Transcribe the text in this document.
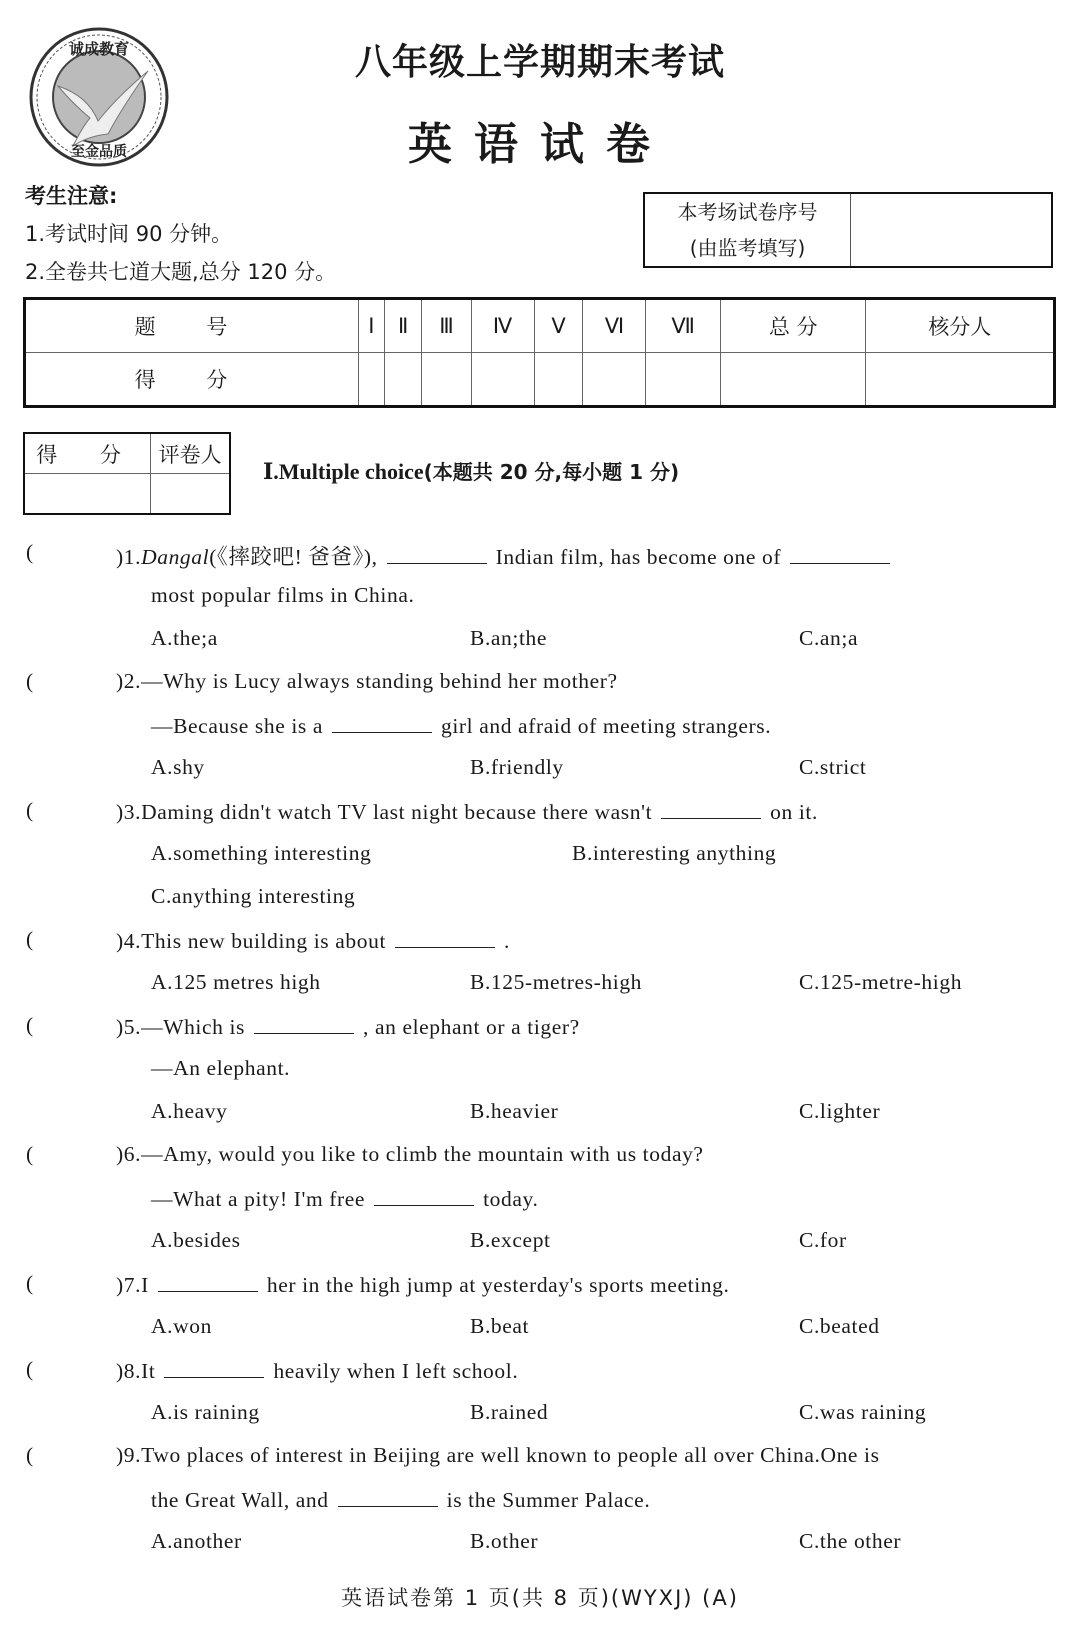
诚成教育
至金品质
八年级上学期期末考试
英语试卷
考生注意:
1.考试时间 90 分钟。
2.全卷共七道大题,总分 120 分。
本考场试卷序号
(由监考填写)
题 号	Ⅰ	Ⅱ	Ⅲ	Ⅳ	Ⅴ	Ⅵ	Ⅶ	总 分	核分人
得 分									
得 分	评卷人

Ⅰ.Multiple choice(本题共 20 分,每小题 1 分)
(	)1. Dangal (《摔跤吧! 爸爸》),	Indian film, has become one of
most popular films in China.
A.the;a	B.an;the	C.an;a
(	)2. —Why is Lucy always standing behind her mother?
—Because she is a	girl and afraid of meeting strangers.
A.shy	B.friendly	C.strict
(	)3. Daming didn't watch TV last night because there wasn't	on it.
A.something interesting	B.interesting anything
C.anything interesting
(	)4. This new building is about	.
A.125 metres high	B.125-metres-high	C.125-metre-high
(	)5. —Which is	, an elephant or a tiger?
—An elephant.
A.heavy	B.heavier	C.lighter
(	)6. —Amy, would you like to climb the mountain with us today?
—What a pity! I'm free	today.
A.besides	B.except	C.for
(	)7. I	her in the high jump at yesterday's sports meeting.
A.won	B.beat	C.beated
(	)8. It	heavily when I left school.
A.is raining	B.rained	C.was raining
(	)9. Two places of interest in Beijing are well known to people all over China.One is
the Great Wall, and	is the Summer Palace.
A.another	B.other	C.the other
英语试卷第 1 页(共 8 页)(WYXJ) (A)
